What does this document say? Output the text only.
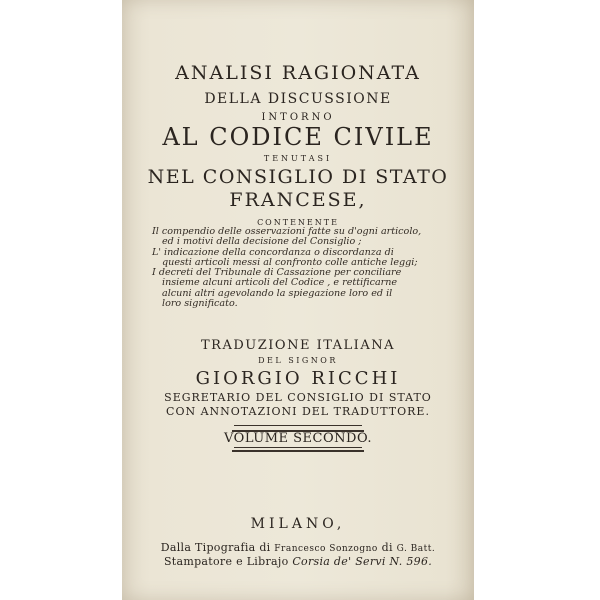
ANALISI RAGIONATA
DELLA DISCUSSIONE
INTORNO
AL CODICE CIVILE
TENUTASI
NEL CONSIGLIO DI STATO
FRANCESE,
CONTENENTE
Il compendio delle osservazioni fatte su d'ogni articolo,
ed i motivi della decisione del Consiglio ;
L' indicazione della concordanza o discordanza di
questi articoli messi al confronto colle antiche leggi;
I decreti del Tribunale di Cassazione per conciliare
insieme alcuni articoli del Codice , e rettificarne
alcuni altri agevolando la spiegazione loro ed il
loro significato.
TRADUZIONE ITALIANA
DEL SIGNOR
GIORGIO RICCHI
SEGRETARIO DEL CONSIGLIO DI STATO
CON ANNOTAZIONI DEL TRADUTTORE.
VOLUME SECONDO.
MILANO,
Dalla Tipografia di Francesco Sonzogno di G. Batt.
Stampatore e Librajo Corsia de' Servi N. 596.
